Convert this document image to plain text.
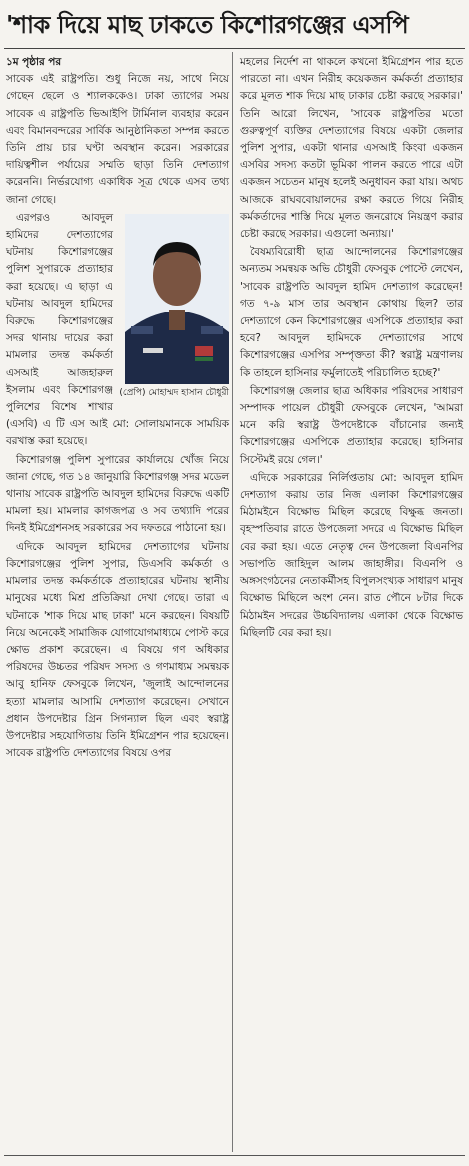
'শাক দিয়ে মাছ ঢাকতে কিশোরগঞ্জের এসপি

১ম পৃষ্ঠার পর
সাবেক এই রাষ্ট্রপতি। শুধু নিজে নয়, সাথে নিয়ে গেছেন ছেলে ও শ্যালককেও। ঢাকা ত্যাগের সময় সাবেক এ রাষ্ট্রপতি ভিআইপি টার্মিনাল ব্যবহার করেন এবং বিমানবন্দরের সার্বিক আনুষ্ঠানিকতা সম্পন্ন করতে তিনি প্রায় চার ঘণ্টা অবস্থান করেন। সরকারের দায়িত্বশীল পর্যায়ের সম্মতি ছাড়া তিনি দেশত্যাগ করেননি। নির্ভরযোগ্য একাধিক সূত্র থেকে এসব তথ্য জানা গেছে।

(প্রেপি) মোহাম্মদ হাসান চৌধুরী
এরপরও আবদুল হামিদের দেশত্যাগের ঘটনায় কিশোরগঞ্জের পুলিশ সুপারকে প্রত্যাহার করা হয়েছে। এ ছাড়া এ ঘটনায় আবদুল হামিদের বিরুদ্ধে কিশোরগঞ্জের সদর থানায় দায়ের করা মামলার তদন্ত কর্মকর্তা এসআই আজহারুল ইসলাম এবং কিশোরগঞ্জ পুলিশের বিশেষ শাখার (এসবি) এ টি এস আই মো: সোলায়মানকে সাময়িক বরখাস্ত করা হয়েছে।

কিশোরগঞ্জ পুলিশ সুপারের কার্যালয়ে খোঁজ নিয়ে জানা গেছে, গত ১৪ জানুয়ারি কিশোরগঞ্জ সদর মডেল থানায় সাবেক রাষ্ট্রপতি আবদুল হামিদের বিরুদ্ধে একটি মামলা হয়। মামলার কাগজপত্র ও সব তথ্যাদি পরের দিনই ইমিগ্রেশনসহ সরকারের সব দফতরে পাঠানো হয়।

এদিকে আবদুল হামিদের দেশত্যাগের ঘটনায় কিশোরগঞ্জের পুলিশ সুপার, ডিএসবি কর্মকর্তা ও মামলার তদন্ত কর্মকর্তাকে প্রত্যাহারের ঘটনায় স্থানীয় মানুষের মধ্যে মিশ্র প্রতিক্রিয়া দেখা গেছে। তারা এ ঘটনাকে 'শাক দিয়ে মাছ ঢাকা' মনে করছেন। বিষয়টি নিয়ে অনেকেই সামাজিক যোগাযোগমাধ্যমে পোস্ট করে ক্ষোভ প্রকাশ করেছেন। এ বিষয়ে গণ অধিকার পরিষদের উচ্চতর পরিষদ সদস্য ও গণমাধ্যম সমন্বয়ক আবু হানিফ ফেসবুকে লিখেন, 'জুলাই আন্দোলনের হত্যা মামলার আসামি দেশত্যাগ করেছেন। সেখানে প্রধান উপদেষ্টার গ্রিন সিগন্যাল ছিল এবং স্বরাষ্ট্র উপদেষ্টার সহযোগিতায় তিনি ইমিগ্রেশন পার হয়েছেন। সাবেক রাষ্ট্রপতি দেশত্যাগের বিষয়ে ওপর

মহলের নির্দেশ না থাকলে কখনো ইমিগ্রেশন পার হতে পারতো না। এখন নিরীহ কয়েকজন কর্মকর্তা প্রত্যাহার করে মূলত শাক দিয়ে মাছ ঢাকার চেষ্টা করছে সরকার।' তিনি আরো লিখেন, 'সাবেক রাষ্ট্রপতির মতো গুরুত্বপূর্ণ ব্যক্তির দেশত্যাগের বিষয়ে একটা জেলার পুলিশ সুপার, একটা থানার এসআই কিংবা একজন এসবির সদস্য কতটা ভূমিকা পালন করতে পারে এটা একজন সচেতন মানুষ হলেই অনুধাবন করা যায়। অথচ আজকে রাঘববোয়ালদের রক্ষা করতে গিয়ে নিরীহ কর্মকর্তাদের শাস্তি দিয়ে মূলত জনরোষে নিয়ন্ত্রণ করার চেষ্টা করছে সরকার। এগুলো অন্যায়।'

বৈষম্যবিরোধী ছাত্র আন্দোলনের কিশোরগঞ্জের অন্যতম সমন্বয়ক অভি চৌধুরী ফেসবুক পোস্টে লেখেন, 'সাবেক রাষ্ট্রপতি আবদুল হামিদ দেশত্যাগ করেছেন! গত ৭-৯ মাস তার অবস্থান কোথায় ছিল? তার দেশত্যাগে কেন কিশোরগঞ্জের এসপিকে প্রত্যাহার করা হবে? আবদুল হামিদকে দেশত্যাগের সাথে কিশোরগঞ্জের এসপির সম্পৃক্ততা কী? স্বরাষ্ট্র মন্ত্রণালয় কি তাহলে হাসিনার ফর্মুলাতেই পরিচালিত হচ্ছে?'

কিশোরগঞ্জ জেলার ছাত্র অধিকার পরিষদের সাধারণ সম্পাদক পায়েল চৌধুরী ফেসবুকে লেখেন, 'আমরা মনে করি স্বরাষ্ট্র উপদেষ্টাকে বাঁচানোর জন্যই কিশোরগঞ্জের এসপিকে প্রত্যাহার করেছে। হাসিনার সিস্টেমই রয়ে গেল।'

এদিকে সরকারের নির্লিপ্ততায় মো: আবদুল হামিদ দেশত্যাগ করায় তার নিজ এলাকা কিশোরগঞ্জের মিঠামইনে বিক্ষোভ মিছিল করেছে বিক্ষুব্ধ জনতা। বৃহস্পতিবার রাতে উপজেলা সদরে এ বিক্ষোভ মিছিল বের করা হয়। এতে নেতৃত্ব দেন উপজেলা বিএনপির সভাপতি জাহিদুল আলম জাহাঙ্গীর। বিএনপি ও অঙ্গসংগঠনের নেতাকর্মীসহ বিপুলসংখ্যক সাধারণ মানুষ বিক্ষোভ মিছিলে অংশ নেন। রাত পৌনে ৮টার দিকে মিঠামইন সদরের উচ্চবিদ্যালয় এলাকা থেকে বিক্ষোভ মিছিলটি বের করা হয়।
